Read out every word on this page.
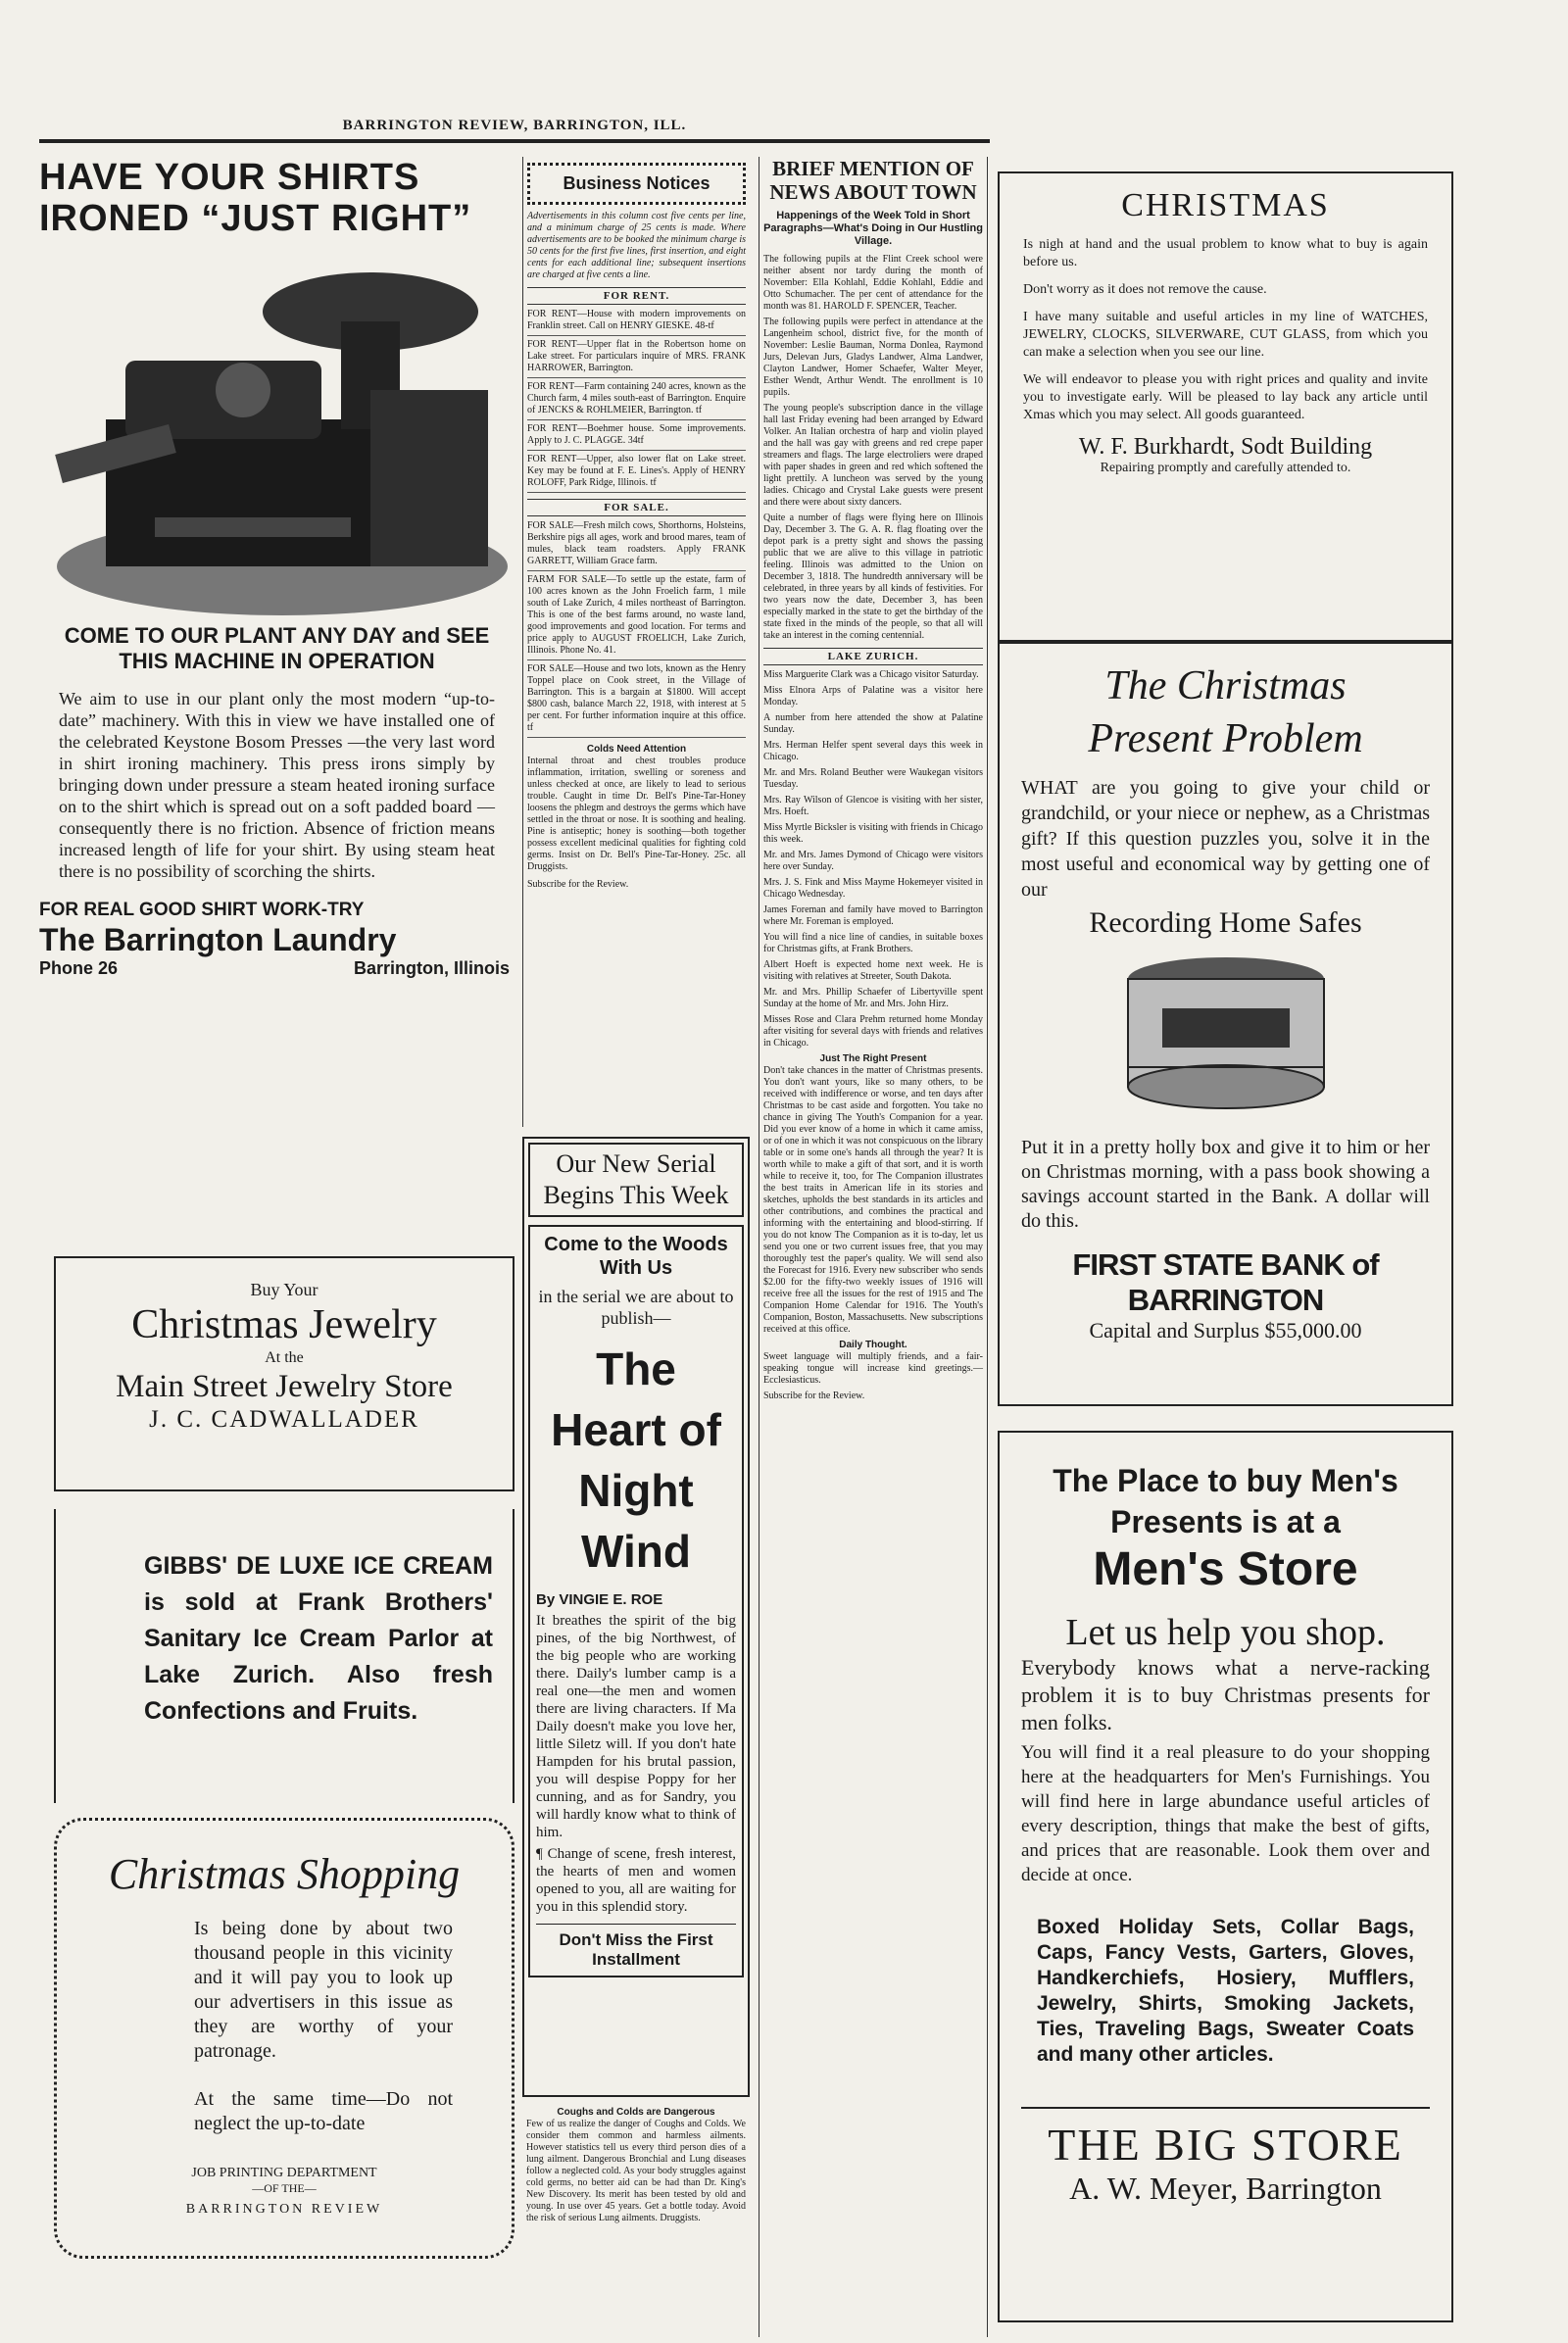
BARRINGTON REVIEW, BARRINGTON, ILL.
HAVE YOUR SHIRTS IRONED “JUST RIGHT”
COME TO OUR PLANT ANY DAY and SEE THIS MACHINE IN OPERATION
We aim to use in our plant only the most modern “up-to-date” machinery. With this in view we have installed one of the celebrated Keystone Bosom Presses —the very last word in shirt ironing machinery. This press irons simply by bringing down under pressure a steam heated ironing surface on to the shirt which is spread out on a soft padded board —consequently there is no friction. Absence of friction means increased length of life for your shirt. By using steam heat there is no possibility of scorching the shirts.
FOR REAL GOOD SHIRT WORK-TRY
The Barrington Laundry
Phone 26	Barrington, Illinois
Buy Your
Christmas Jewelry
At the
Main Street Jewelry Store
J. C. CADWALLADER
GIBBS' DE LUXE ICE CREAM is sold at Frank Brothers' Sanitary Ice Cream Parlor at Lake Zurich. Also fresh Confections and Fruits.
Christmas Shopping
Is being done by about two thousand people in this vicinity and it will pay you to look up our advertisers in this issue as they are worthy of your patronage.
At the same time—Do not neglect the up-to-date
JOB PRINTING DEPARTMENT
—OF THE—
BARRINGTON REVIEW
Business Notices
Advertisements in this column cost five cents per line, and a minimum charge of 25 cents is made. Where advertisements are to be booked the minimum charge is 50 cents for the first five lines, first insertion, and eight cents for each additional line; subsequent insertions are charged at five cents a line.
FOR RENT.
FOR RENT—House with modern improvements on Franklin street. Call on HENRY GIESKE. 48-tf
FOR RENT—Upper flat in the Robertson home on Lake street. For particulars inquire of MRS. FRANK HARROWER, Barrington.
FOR RENT—Farm containing 240 acres, known as the Church farm, 4 miles south-east of Barrington. Enquire of JENCKS & ROHLMEIER, Barrington. tf
FOR RENT—Boehmer house. Some improvements. Apply to J. C. PLAGGE. 34tf
FOR RENT—Upper, also lower flat on Lake street. Key may be found at F. E. Lines's. Apply of HENRY ROLOFF, Park Ridge, Illinois. tf
FOR SALE.
FOR SALE—Fresh milch cows, Shorthorns, Holsteins, Berkshire pigs all ages, work and brood mares, team of mules, black team roadsters. Apply FRANK GARRETT, William Grace farm.
FARM FOR SALE—To settle up the estate, farm of 100 acres known as the John Froelich farm, 1 mile south of Lake Zurich, 4 miles northeast of Barrington. This is one of the best farms around, no waste land, good improvements and good location. For terms and price apply to AUGUST FROELICH, Lake Zurich, Illinois. Phone No. 41.
FOR SALE—House and two lots, known as the Henry Toppel place on Cook street, in the Village of Barrington. This is a bargain at $1800. Will accept $800 cash, balance March 22, 1918, with interest at 5 per cent. For further information inquire at this office. tf
Colds Need Attention
Internal throat and chest troubles produce inflammation, irritation, swelling or soreness and unless checked at once, are likely to lead to serious trouble. Caught in time Dr. Bell's Pine-Tar-Honey loosens the phlegm and destroys the germs which have settled in the throat or nose. It is soothing and healing. Pine is antiseptic; honey is soothing—both together possess excellent medicinal qualities for fighting cold germs. Insist on Dr. Bell's Pine-Tar-Honey. 25c. all Druggists.
Subscribe for the Review.
Our New Serial Begins This Week
Come to the Woods With Us
in the serial we are about to publish—
The Heart of Night Wind
By VINGIE E. ROE
It breathes the spirit of the big pines, of the big Northwest, of the big people who are working there. Daily's lumber camp is a real one—the men and women there are living characters. If Ma Daily doesn't make you love her, little Siletz will. If you don't hate Hampden for his brutal passion, you will despise Poppy for her cunning, and as for Sandry, you will hardly know what to think of him.
¶ Change of scene, fresh interest, the hearts of men and women opened to you, all are waiting for you in this splendid story.
Don't Miss the First Installment
Coughs and Colds are Dangerous
Few of us realize the danger of Coughs and Colds. We consider them common and harmless ailments. However statistics tell us every third person dies of a lung ailment. Dangerous Bronchial and Lung diseases follow a neglected cold. As your body struggles against cold germs, no better aid can be had than Dr. King's New Discovery. Its merit has been tested by old and young. In use over 45 years. Get a bottle today. Avoid the risk of serious Lung ailments. Druggists.
BRIEF MENTION OF
NEWS ABOUT TOWN
Happenings of the Week Told in Short Paragraphs—What's Doing in Our Hustling Village.

The following pupils at the Flint Creek school were neither absent nor tardy during the month of November: Ella Kohlahl, Eddie Kohlahl, Eddie and Otto Schumacher. The per cent of attendance for the month was 81. HAROLD F. SPENCER, Teacher.

The following pupils were perfect in attendance at the Langenheim school, district five, for the month of November: Leslie Bauman, Norma Donlea, Raymond Jurs, Delevan Jurs, Gladys Landwer, Alma Landwer, Clayton Landwer, Homer Schaefer, Walter Meyer, Esther Wendt, Arthur Wendt. The enrollment is 10 pupils.

The young people's subscription dance in the village hall last Friday evening had been arranged by Edward Volker. An Italian orchestra of harp and violin played and the hall was gay with greens and red crepe paper streamers and flags. The large electroliers were draped with paper shades in green and red which softened the light prettily. A luncheon was served by the young ladies. Chicago and Crystal Lake guests were present and there were about sixty dancers.

Quite a number of flags were flying here on Illinois Day, December 3. The G. A. R. flag floating over the depot park is a pretty sight and shows the passing public that we are alive to this village in patriotic feeling. Illinois was admitted to the Union on December 3, 1818. The hundredth anniversary will be celebrated, in three years by all kinds of festivities. For two years now the date, December 3, has been especially marked in the state to get the birthday of the state fixed in the minds of the people, so that all will take an interest in the coming centennial.

LAKE ZURICH.

Miss Marguerite Clark was a Chicago visitor Saturday.

Miss Elnora Arps of Palatine was a visitor here Monday.

A number from here attended the show at Palatine Sunday.

Mrs. Herman Helfer spent several days this week in Chicago.

Mr. and Mrs. Roland Beuther were Waukegan visitors Tuesday.

Mrs. Ray Wilson of Glencoe is visiting with her sister, Mrs. Hoeft.

Miss Myrtle Bicksler is visiting with friends in Chicago this week.

Mr. and Mrs. James Dymond of Chicago were visitors here over Sunday.

Mrs. J. S. Fink and Miss Mayme Hokemeyer visited in Chicago Wednesday.

James Foreman and family have moved to Barrington where Mr. Foreman is employed.

You will find a nice line of candies, in suitable boxes for Christmas gifts, at Frank Brothers.

Albert Hoeft is expected home next week. He is visiting with relatives at Streeter, South Dakota.

Mr. and Mrs. Phillip Schaefer of Libertyville spent Sunday at the home of Mr. and Mrs. John Hirz.

Misses Rose and Clara Prehm returned home Monday after visiting for several days with friends and relatives in Chicago.

Just The Right Present

Don't take chances in the matter of Christmas presents. You don't want yours, like so many others, to be received with indifference or worse, and ten days after Christmas to be cast aside and forgotten. You take no chance in giving The Youth's Companion for a year. Did you ever know of a home in which it came amiss, or of one in which it was not conspicuous on the library table or in some one's hands all through the year? It is worth while to make a gift of that sort, and it is worth while to receive it, too, for The Companion illustrates the best traits in American life in its stories and sketches, upholds the best standards in its articles and other contributions, and combines the practical and informing with the entertaining and blood-stirring. If you do not know The Companion as it is to-day, let us send you one or two current issues free, that you may thoroughly test the paper's quality. We will send also the Forecast for 1916. Every new subscriber who sends $2.00 for the fifty-two weekly issues of 1916 will receive free all the issues for the rest of 1915 and The Companion Home Calendar for 1916. The Youth's Companion, Boston, Massachusetts. New subscriptions received at this office.

Daily Thought.

Sweet language will multiply friends, and a fair-speaking tongue will increase kind greetings.—Ecclesiasticus.

Subscribe for the Review.

CHRISTMAS

Is nigh at hand and the usual problem to know what to buy is again before us.

Don't worry as it does not remove the cause.

I have many suitable and useful articles in my line of WATCHES, JEWELRY, CLOCKS, SILVERWARE, CUT GLASS, from which you can make a selection when you see our line.

We will endeavor to please you with right prices and quality and invite you to investigate early. Will be pleased to lay back any article until Xmas which you may select. All goods guaranteed.

W. F. Burkhardt, Sodt Building
Repairing promptly and carefully attended to.
The Christmas Present Problem

WHAT are you going to give your child or grandchild, or your niece or nephew, as a Christmas gift? If this question puzzles you, solve it in the most useful and economical way by getting one of our

Recording Home Safes

Put it in a pretty holly box and give it to him or her on Christmas morning, with a pass book showing a savings account started in the Bank. A dollar will do this.

FIRST STATE BANK of BARRINGTON
Capital and Surplus $55,000.00
The Place to buy Men's Presents is at a
Men's Store
Let us help you shop.
Everybody knows what a nerve-racking problem it is to buy Christmas presents for men folks.

You will find it a real pleasure to do your shopping here at the headquarters for Men's Furnishings. You will find here in large abundance useful articles of every description, things that make the best of gifts, and prices that are reasonable. Look them over and decide at once.

Boxed Holiday Sets, Collar Bags, Caps, Fancy Vests, Garters, Gloves, Handkerchiefs, Hosiery, Mufflers, Jewelry, Shirts, Smoking Jackets, Ties, Traveling Bags, Sweater Coats and many other articles.
THE BIG STORE
A. W. Meyer, Barrington
